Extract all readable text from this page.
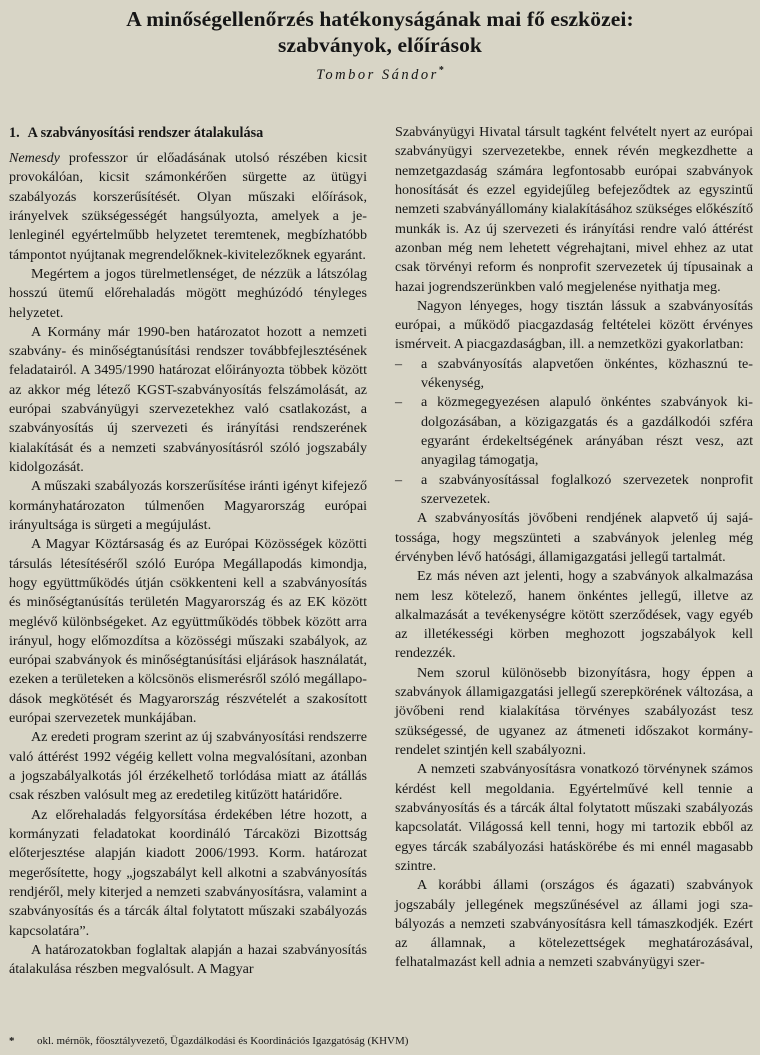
A minőségellenőrzés hatékonyságának mai fő eszközei:
szabványok, előírások
Tombor Sándor*
1. A szabványosítási rendszer átalakulása

Nemesdy professzor úr előadásának utolsó részében kicsit provokálóan, kicsit számonkérően sürgette az ütügyi szabályozás korszerűsítését. Olyan műszaki előírások, irányelvek szükségességét hangsúlyozta, amelyek a jelenleginél egyértelműbb helyzetet teremtenek, megbízhatóbb támpontot nyújtanak megrendelőknek-kivitelezőknek egyaránt.

Megértem a jogos türelmetlenséget, de nézzük a látszólag hosszú ütemű előrehaladás mögött meghúzódó tényleges helyzetet.

A Kormány már 1990-ben határozatot hozott a nemzeti szabvány- és minőségtanúsítási rendszer továbbfejlesztésének feladatairól. A 3495/1990 határozat előirányozta többek között az akkor még létező KGST-szabványosítás felszámolását, az európai szabványügyi szervezetekhez való csatlakozást, a szabványosítás új szervezeti és irányítási rendszerének kialakítását és a nemzeti szabványosításról szóló jogszabály kidolgozását.

A műszaki szabályozás korszerűsítése iránti igényt kifejező kormányhatározaton túlmenően Magyarország európai irányultsága is sürgeti a megújulást.

A Magyar Köztársaság és az Európai Közösségek közötti társulás létesítéséről szóló Európa Megállapodás kimondja, hogy együttműködés útján csökkenteni kell a szabványosítás és minőségtanúsítás területén Magyarország és az EK között meglévő különbségeket. Az együttműködés többek között arra irányul, hogy előmozdítsa a közösségi műszaki szabályok, az európai szabványok és minőségtanúsítási eljárások használatát, ezeken a területeken a kölcsönös elismerésről szóló megállapodások megkötését és Magyarország részvételét a szakosított európai szervezetek munkájában.

Az eredeti program szerint az új szabványosítási rendszerre való áttérést 1992 végéig kellett volna megvalósítani, azonban a jogszabályalkotás jól érzékelhető torlódása miatt az átállás csak részben valósult meg az eredetileg kitűzött határidőre.

Az előrehaladás felgyorsítása érdekében létre hozott, a kormányzati feladatokat koordináló Tárcaközi Bizottság előterjesztése alapján kiadott 2006/1993. Korm. határozat megerősítette, hogy „jogszabályt kell alkotni a szabványosítás rendjéről, mely kiterjed a nemzeti szabványosításra, valamint a szabványosítás és a tárcák által folytatott műszaki szabályozás kapcsolatára”.

A határozatokban foglaltak alapján a hazai szabványosítás átalakulása részben megvalósult. A Magyar

Szabványügyi Hivatal társult tagként felvételt nyert az európai szabványügyi szervezetekbe, ennek révén megkezdhette a nemzetgazdaság számára legfontosabb európai szabványok honosítását és ezzel egyidejűleg befejeződtek az egyszintű nemzeti szabványállomány kialakításához szükséges előkészítő munkák is. Az új szervezeti és irányítási rendre való áttérést azonban még nem lehetett végrehajtani, mivel ehhez az utat csak törvényi reform és nonprofit szervezetek új típusainak a hazai jogrendszerünkben való megjelenése nyithatja meg.

Nagyon lényeges, hogy tisztán lássuk a szabványosítás európai, a működő piacgazdaság feltételei között érvényes ismérveit. A piacgazdaságban, ill. a nemzetközi gyakorlatban:

– a szabványosítás alapvetően önkéntes, közhasznú tevékenység,
– a közmegegyezésen alapuló önkéntes szabványok kidolgozásában, a közigazgatás és a gazdálkodói szféra egyaránt érdekeltségének arányában részt vesz, azt anyagilag támogatja,
– a szabványosítással foglalkozó szervezetek nonprofit szervezetek.

A szabványosítás jövőbeni rendjének alapvető új sajátossága, hogy megszünteti a szabványok jelenleg még érvényben lévő hatósági, államigazgatási jellegű tartalmát.

Ez más néven azt jelenti, hogy a szabványok alkalmazása nem lesz kötelező, hanem önkéntes jellegű, illetve az alkalmazását a tevékenységre kötött szerződések, vagy egyéb az illetékességi körben meghozott jogszabályok kell rendezzék.

Nem szorul különösebb bizonyításra, hogy éppen a szabványok államigazgatási jellegű szerepkörének változása, a jövőbeni rend kialakítása törvényes szabályozást tesz szükségessé, de ugyanez az átmeneti időszakot kormányrendelet szintjén kell szabályozni.

A nemzeti szabványosításra vonatkozó törvénynek számos kérdést kell megoldania. Egyértelművé kell tennie a szabványosítás és a tárcák által folytatott műszaki szabályozás kapcsolatát. Világossá kell tenni, hogy mi tartozik ebből az egyes tárcák szabályozási hatáskörébe és mi ennél magasabb szintre.

A korábbi állami (országos és ágazati) szabványok jogszabály jellegének megszűnésével az állami jogi szabályozás a nemzeti szabványosításra kell támaszkodjék. Ezért az államnak, a kötelezettségek meghatározásával, felhatalmazást kell adnia a nemzeti szabványügyi szer-

* okl. mérnök, főosztályvezető, Ügazdálkodási és Koordinációs Igazgatóság (KHVM)
